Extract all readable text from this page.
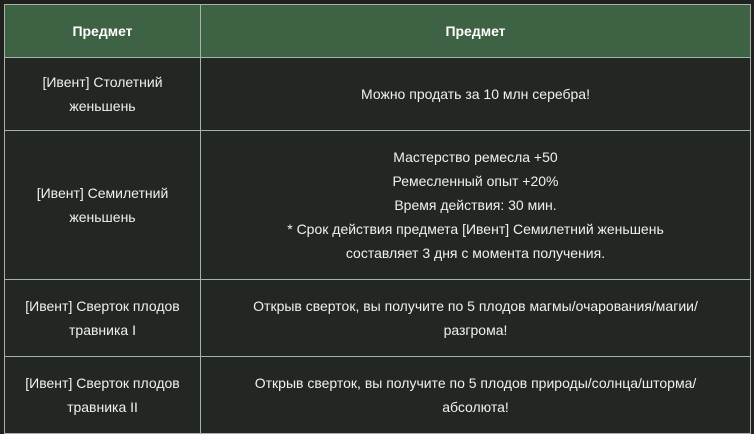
Предмет	Предмет

[Ивент] Столетний
женьшень	Можно продать за 10 млн серебра!

[Ивент] Семилетний
женьшень	Мастерство ремесла +50
Ремесленный опыт +20%
Время действия: 30 мин.
* Срок действия предмета [Ивент] Семилетний женьшень
составляет 3 дня с момента получения.

[Ивент] Сверток плодов
травника I	Открыв сверток, вы получите по 5 плодов магмы/очарования/магии/
разгрома!

[Ивент] Сверток плодов
травника II	Открыв сверток, вы получите по 5 плодов природы/солнца/шторма/
абсолюта!
